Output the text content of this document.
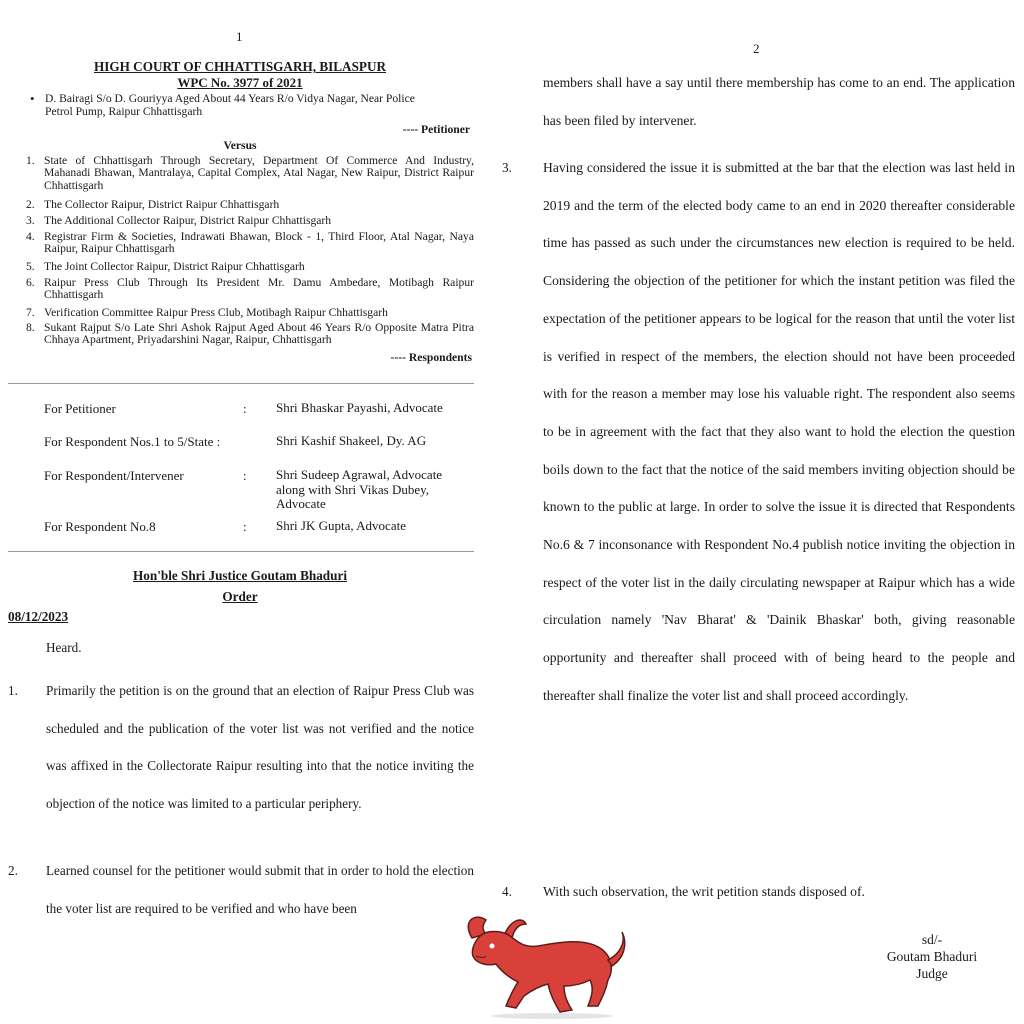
1
HIGH COURT OF CHHATTISGARH, BILASPUR
WPC No. 3977 of 2021
• D. Bairagi S/o D. Gouriyya Aged About 44 Years R/o Vidya Nagar, Near Police
Petrol Pump, Raipur Chhattisgarh
---- Petitioner
Versus
1. State of Chhattisgarh Through Secretary, Department Of Commerce And Industry, Mahanadi Bhawan, Mantralaya, Capital Complex, Atal Nagar, New Raipur, District Raipur Chhattisgarh
2. The Collector Raipur, District Raipur Chhattisgarh
3. The Additional Collector Raipur, District Raipur Chhattisgarh
4. Registrar Firm & Societies, Indrawati Bhawan, Block - 1, Third Floor, Atal Nagar, Naya Raipur, Raipur Chhattisgarh
5. The Joint Collector Raipur, District Raipur Chhattisgarh
6. Raipur Press Club Through Its President Mr. Damu Ambedare, Motibagh Raipur Chhattisgarh
7. Verification Committee Raipur Press Club, Motibagh Raipur Chhattisgarh
8. Sukant Rajput S/o Late Shri Ashok Rajput Aged About 46 Years R/o Opposite Matra Pitra Chhaya Apartment, Priyadarshini Nagar, Raipur, Chhattisgarh
---- Respondents
For Petitioner	: Shri Bhaskar Payashi, Advocate
For Respondent Nos.1 to 5/State :	Shri Kashif Shakeel, Dy. AG
For Respondent/Intervener	: Shri Sudeep Agrawal, Advocate along with Shri Vikas Dubey, Advocate
For Respondent No.8	: Shri JK Gupta, Advocate
Hon'ble Shri Justice Goutam Bhaduri
Order
08/12/2023
Heard.
1. Primarily the petition is on the ground that an election of Raipur Press Club was scheduled and the publication of the voter list was not verified and the notice was affixed in the Collectorate Raipur resulting into that the notice inviting the objection of the notice was limited to a particular periphery.
2. Learned counsel for the petitioner would submit that in order to hold the election the voter list are required to be verified and who have been
2
members shall have a say until there membership has come to an end. The application has been filed by intervener.
3. Having considered the issue it is submitted at the bar that the election was last held in 2019 and the term of the elected body came to an end in 2020 thereafter considerable time has passed as such under the circumstances new election is required to be held. Considering the objection of the petitioner for which the instant petition was filed the expectation of the petitioner appears to be logical for the reason that until the voter list is verified in respect of the members, the election should not have been proceeded with for the reason a member may lose his valuable right. The respondent also seems to be in agreement with the fact that they also want to hold the election the question boils down to the fact that the notice of the said members inviting objection should be known to the public at large. In order to solve the issue it is directed that Respondents No.6 & 7 inconsonance with Respondent No.4 publish notice inviting the objection in respect of the voter list in the daily circulating newspaper at Raipur which has a wide circulation namely 'Nav Bharat' & 'Dainik Bhaskar' both, giving reasonable opportunity and thereafter shall proceed with of being heard to the people and thereafter shall finalize the voter list and shall proceed accordingly.
4. With such observation, the writ petition stands disposed of.
sd/-
Goutam Bhaduri
Judge
